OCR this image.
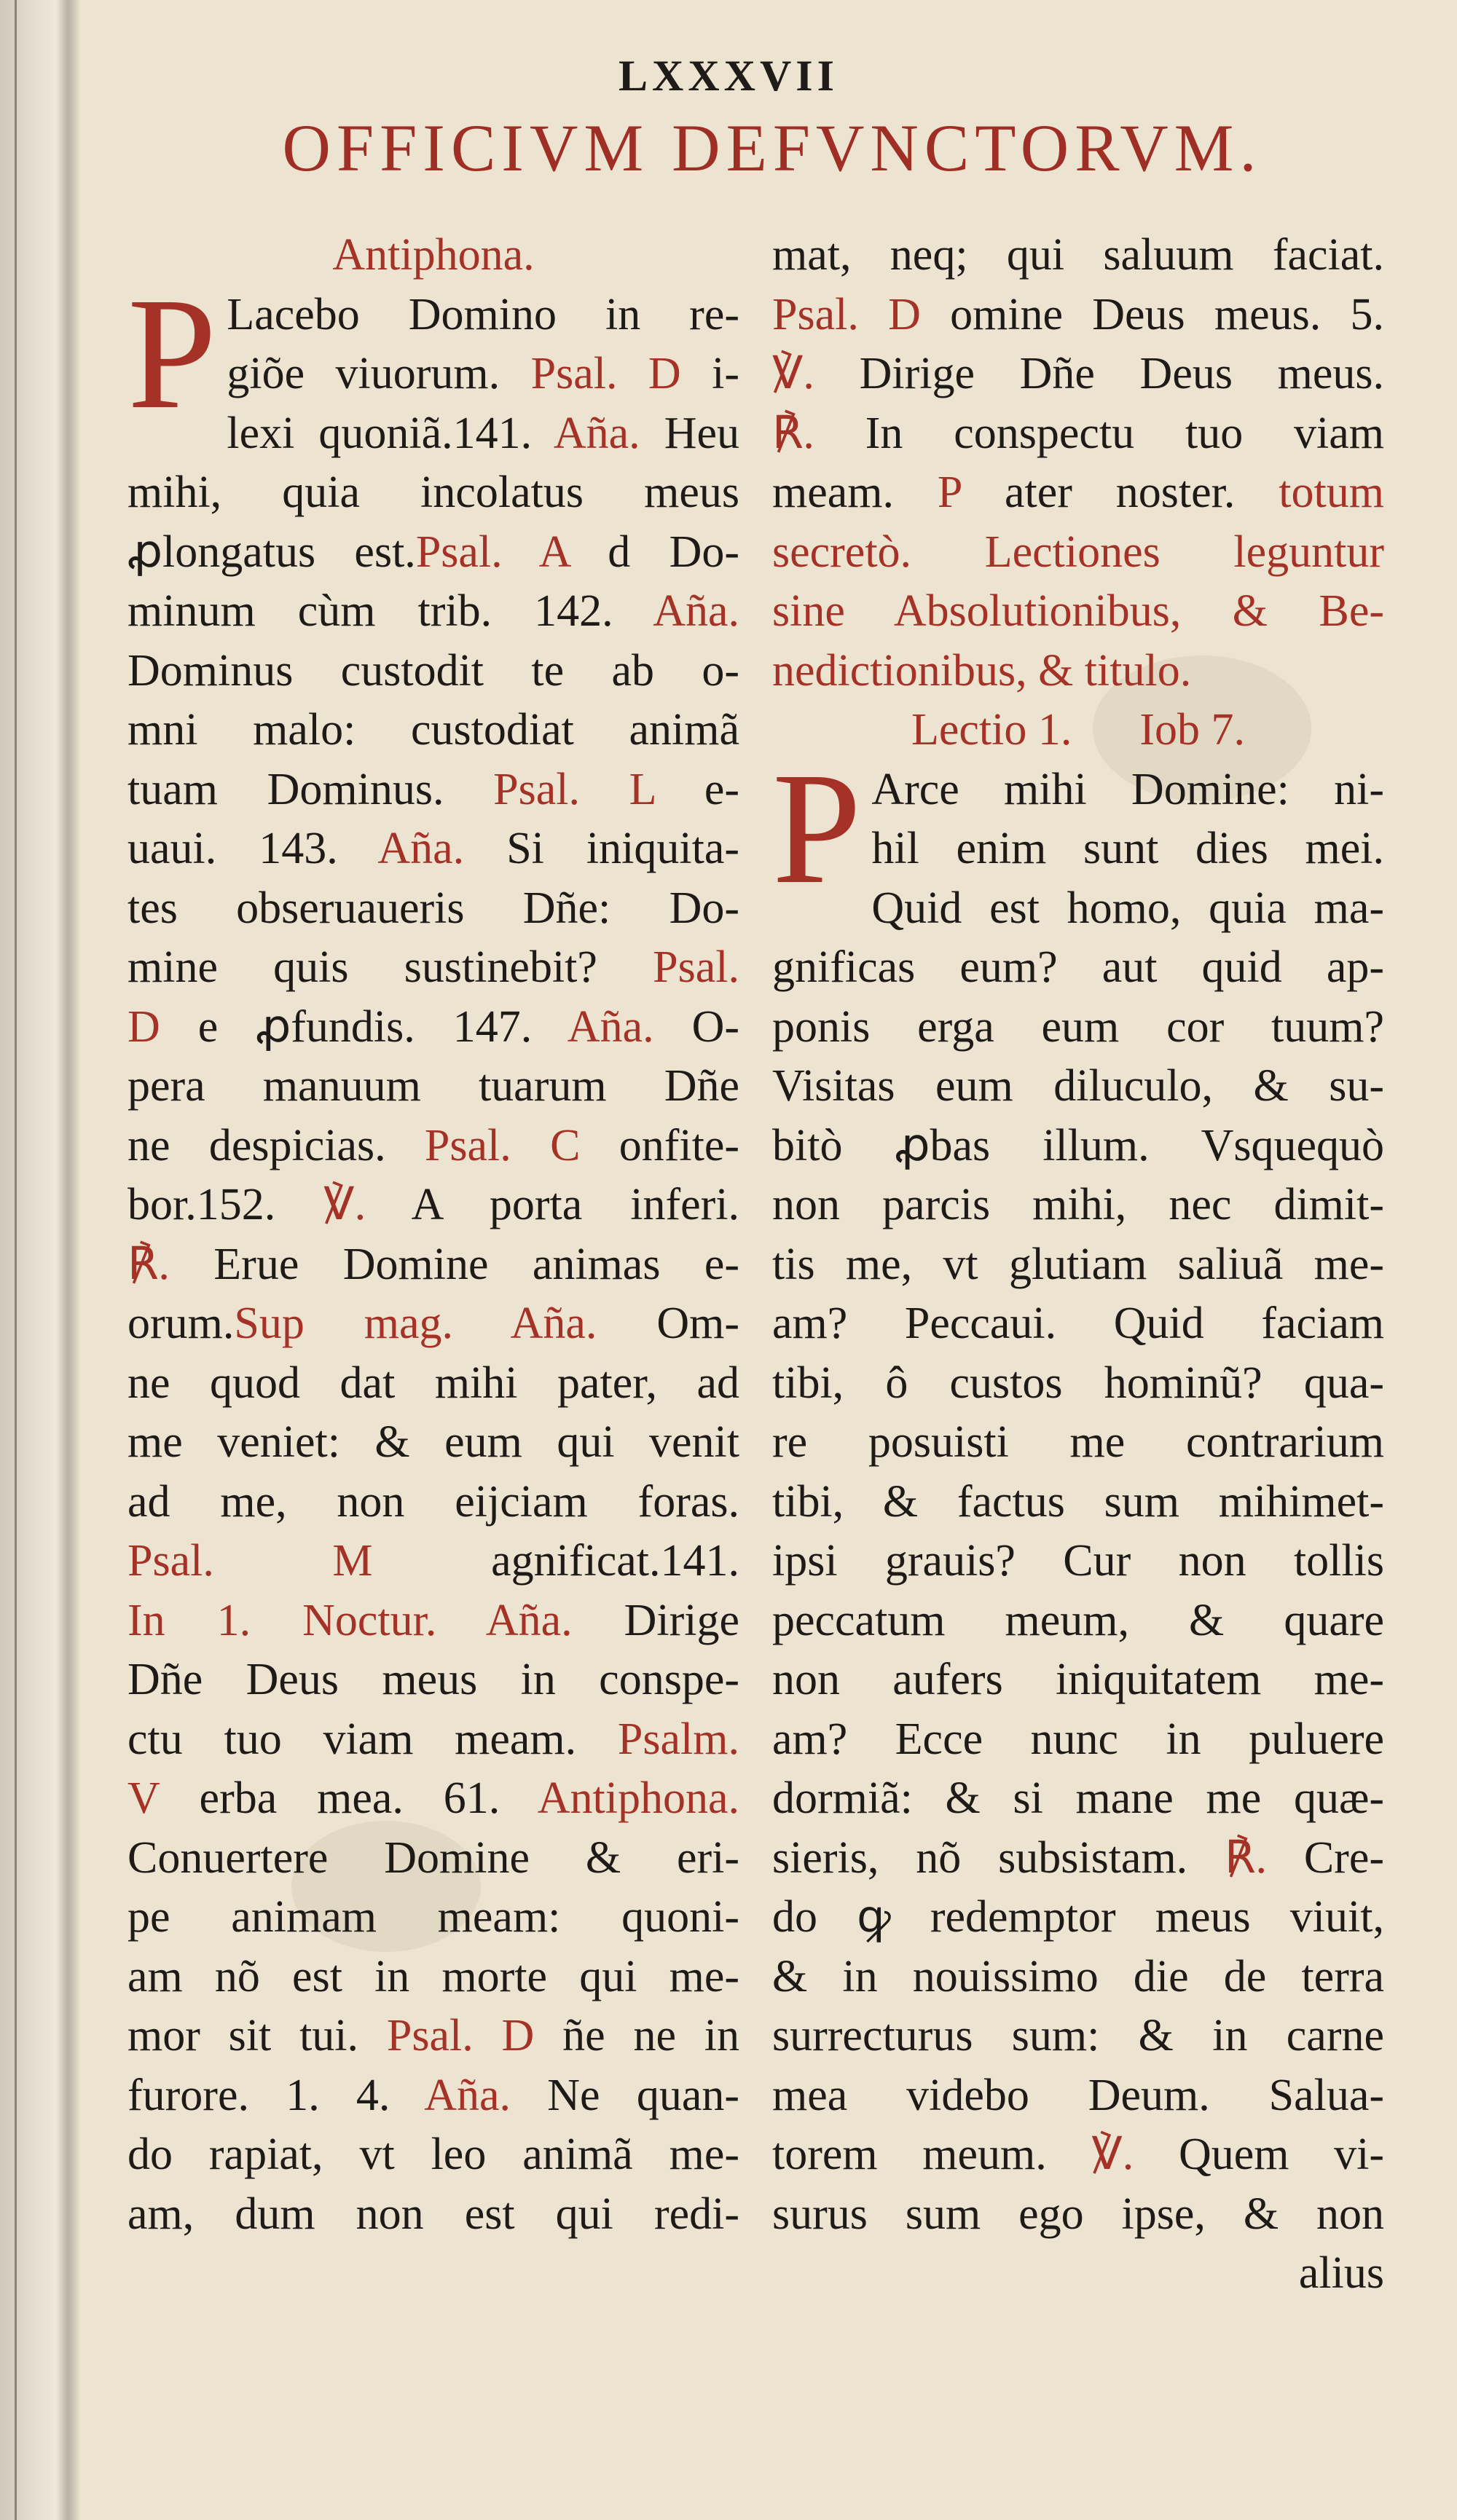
LXXXVII
OFFICIVM DEFVNCTORVM.
Antiphona.
P Lacebo Domino in re-
giõe viuorum. Psal. D i-
lexi quoniã.141. Aña. Heu
mihi, quia incolatus meus
ꝓlongatus est.Psal. A d Do-
minum cùm trib. 142. Aña.
Dominus custodit te ab o-
mni malo: custodiat animã
tuam Dominus. Psal. L e-
uaui. 143. Aña. Si iniquita-
tes obseruaueris Dñe: Do-
mine quis sustinebit? Psal.
D e ꝓfundis. 147. Aña. O-
pera manuum tuarum Dñe
ne despicias. Psal. C onfite-
bor.152. ℣. A porta inferi.
℟. Erue Domine animas e-
orum.Sup mag. Aña. Om-
ne quod dat mihi pater, ad
me veniet: & eum qui venit
ad me, non eijciam foras.
Psal. M agnificat.141.
In 1. Noctur. Aña. Dirige
Dñe Deus meus in conspe-
ctu tuo viam meam. Psalm.
V erba mea. 61. Antiphona.
Conuertere Domine & eri-
pe animam meam: quoni-
am nõ est in morte qui me-
mor sit tui. Psal. D ñe ne in
furore. 1. 4. Aña. Ne quan-
do rapiat, vt leo animã me-
am, dum non est qui redi-
mat, neq; qui saluum faciat.
Psal. D omine Deus meus. 5.
℣. Dirige Dñe Deus meus.
℟. In conspectu tuo viam
meam. P ater noster. totum
secretò. Lectiones leguntur
sine Absolutionibus, & Be-
nedictionibus, & titulo.
Lectio 1.      Iob 7.
P Arce mihi Domine: ni-
hil enim sunt dies mei.
Quid est homo, quia ma-
gnificas eum? aut quid ap-
ponis erga eum cor tuum?
Visitas eum diluculo, & su-
bitò ꝓbas illum. Vsquequò
non parcis mihi, nec dimit-
tis me, vt glutiam saliuã me-
am? Peccaui. Quid faciam
tibi, ô custos hominũ? qua-
re posuisti me contrarium
tibi, & factus sum mihimet-
ipsi grauis? Cur non tollis
peccatum meum, & quare
non aufers iniquitatem me-
am? Ecce nunc in puluere
dormiã: & si mane me quæ-
sieris, nõ subsistam. ℟. Cre-
do ꝙ redemptor meus viuit,
& in nouissimo die de terra
surrecturus sum: & in carne
mea videbo Deum. Salua-
torem meum. ℣. Quem vi-
surus sum ego ipse, & non
alius
